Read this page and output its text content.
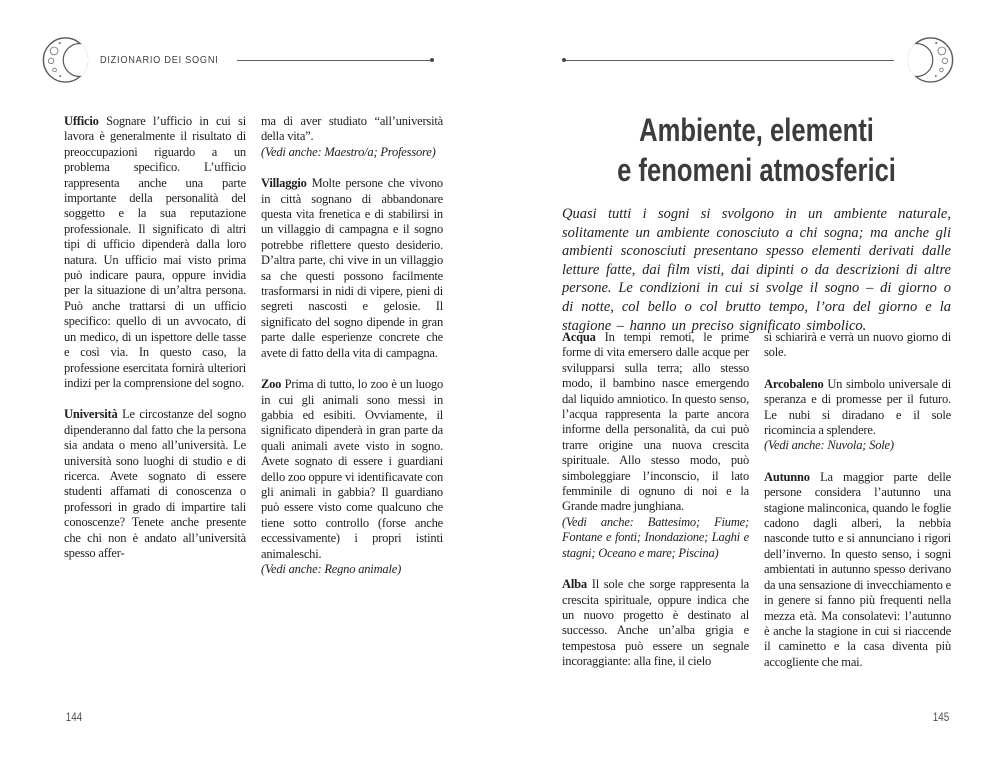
DIZIONARIO DEI SOGNI

Ufficio Sognare l’ufficio in cui si lavora è generalmente il risultato di preoccupazioni riguardo a un problema specifico. L’ufficio rappresenta anche una parte importante della personalità del soggetto e la sua reputazione professionale. Il significato di altri tipi di ufficio dipenderà dalla loro natura. Un ufficio mai visto prima può indicare paura, oppure invidia per la situazione di un’altra persona. Può anche trattarsi di un ufficio specifico: quello di un avvocato, di un medico, di un ispettore delle tasse e così via. In questo caso, la professione esercitata fornirà ulteriori indizi per la comprensione del sogno.

Università Le circostanze del sogno dipenderanno dal fatto che la persona sia andata o meno all’università. Le università sono luoghi di studio e di ricerca. Avete sognato di essere studenti affamati di conoscenza o professori in grado di impartire tali conoscenze? Tenete anche presente che chi non è andato all’università spesso affer-

ma di aver studiato “all’università della vita”.
(Vedi anche: Maestro/a; Professore)

Villaggio Molte persone che vivono in città sognano di abbandonare questa vita frenetica e di stabilirsi in un villaggio di campagna e il sogno potrebbe riflettere questo desiderio. D’altra parte, chi vive in un villaggio sa che questi possono facilmente trasformarsi in nidi di vipere, pieni di segreti nascosti e gelosie. Il significato del sogno dipende in gran parte dalle esperienze concrete che avete di fatto della vita di campagna.

Zoo Prima di tutto, lo zoo è un luogo in cui gli animali sono messi in gabbia ed esibiti. Ovviamente, il significato dipenderà in gran parte da quali animali avete visto in sogno. Avete sognato di essere i guardiani dello zoo oppure vi identificavate con gli animali in gabbia? Il guardiano può essere visto come qualcuno che tiene sotto controllo (forse anche eccessivamente) i propri istinti animaleschi.
(Vedi anche: Regno animale)

Ambiente, elementi
e fenomeni atmosferici
Quasi tutti i sogni si svolgono in un ambiente naturale, solitamente un ambiente conosciuto a chi sogna; ma anche gli ambienti sconosciuti presentano spesso elementi derivati dalle letture fatte, dai film visti, dai dipinti o da descrizioni di altre persone. Le condizioni in cui si svolge il sogno – di giorno o di notte, col bello o col brutto tempo, l’ora del giorno e la stagione – hanno un preciso significato simbolico.

Acqua In tempi remoti, le prime forme di vita emersero dalle acque per svilupparsi sulla terra; allo stesso modo, il bambino nasce emergendo dal liquido amniotico. In questo senso, l’acqua rappresenta la parte ancora informe della personalità, da cui può trarre origine una nuova crescita spirituale. Allo stesso modo, può simboleggiare l’inconscio, il lato femminile di ognuno di noi e la Grande madre junghiana.
(Vedi anche: Battesimo; Fiume; Fontane e fonti; Inondazione; Laghi e stagni; Oceano e mare; Piscina)

Alba Il sole che sorge rappresenta la crescita spirituale, oppure indica che un nuovo progetto è destinato al successo. Anche un’alba grigia e tempestosa può essere un segnale incoraggiante: alla fine, il cielo

si schiarirà e verrà un nuovo giorno di sole.

Arcobaleno Un simbolo universale di speranza e di promesse per il futuro. Le nubi si diradano e il sole ricomincia a splendere.
(Vedi anche: Nuvola; Sole)

Autunno La maggior parte delle persone considera l’autunno una stagione malinconica, quando le foglie cadono dagli alberi, la nebbia nasconde tutto e si annunciano i rigori dell’inverno. In questo senso, i sogni ambientati in autunno spesso derivano da una sensazione di invecchiamento e in genere si fanno più frequenti nella mezza età. Ma consolatevi: l’autunno è anche la stagione in cui si riaccende il caminetto e la casa diventa più accogliente che mai.

144	145
